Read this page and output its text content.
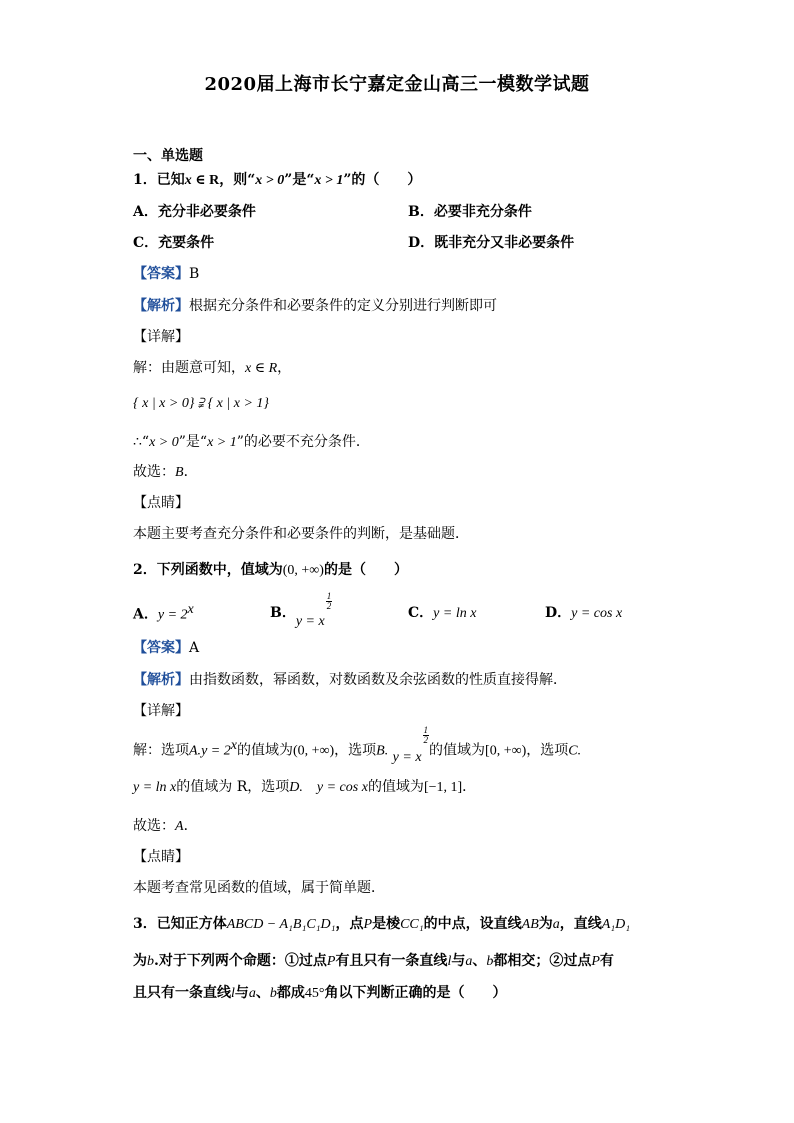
2020届上海市长宁嘉定金山高三一模数学试题
一、单选题
1．已知x ∈ R，则“x > 0”是“x > 1”的（　　）
A．充分非必要条件	B．必要非充分条件
C．充要条件	D．既非充分又非必要条件
【答案】B
【解析】根据充分条件和必要条件的定义分别进行判断即可
【详解】
解：由题意可知，x ∈ R，
{ x | x > 0} ⫌ { x | x > 1}
∴“x > 0”是“x > 1”的必要不充分条件．
故选：B．
【点睛】
本题主要考查充分条件和必要条件的判断，是基础题．
2．下列函数中，值域为(0, +∞)的是（　　）
A．$y = 2^x$	B．y = x
$\frac{1}{2}$
C．y = ln x	D．y = cos x
【答案】A
【解析】由指数函数，幂函数，对数函数及余弦函数的性质直接得解．
【详解】
解：选项$A.y = 2^x$的值域为(0, +∞)，选项B. y = x
$\frac{1}{2}$
的值域为[0, +∞)，选项C.
y = ln x的值域为 R，选项D.　 y = cos x的值域为[−1, 1]．
故选：A．
【点睛】
本题考查常见函数的值域，属于简单题．
3．已知正方体ABCD − A₁B₁C₁D₁，点P是棱CC₁的中点，设直线AB为a，直线A₁D₁
为b.对于下列两个命题：①过点P有且只有一条直线l与a、b都相交；②过点P有
且只有一条直线l与a、b都成45°角以下判断正确的是（　　）
